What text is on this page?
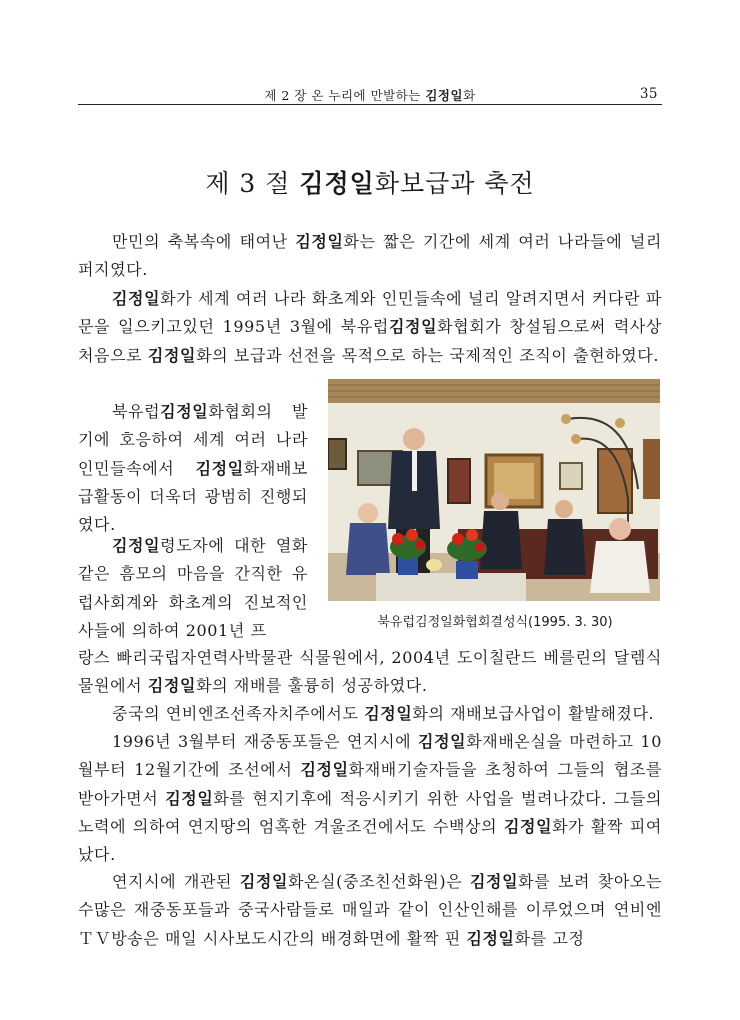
제 2 장 온 누리에 만발하는 김정일화	35
제 3 절 김정일화보급과 축전

만민의 축복속에 태여난 김정일화는 짧은 기간에 세계 여러 나라들에 널리 퍼지였다.

김정일화가 세계 여러 나라 화초계와 인민들속에 널리 알려지면서 커다란 파문을 일으키고있던 1995년 3월에 북유럽김정일화협회가 창설됨으로써 력사상 처음으로 김정일화의 보급과 선전을 목적으로 하는 국제적인 조직이 출현하였다.

북유럽김정일화협회의 발기에 호응하여 세계 여러 나라 인민들속에서 김정일화재배보급활동이 더욱더 광범히 진행되였다.

김정일령도자에 대한 열화같은 흠모의 마음을 간직한 유럽사회계와 화초계의 진보적인사들에 의하여 2001년 프

랑스 빠리국립자연력사박물관 식물원에서, 2004년 도이칠란드 베를린의 달렘식물원에서 김정일화의 재배를 훌륭히 성공하였다.

중국의 연비엔조선족자치주에서도 김정일화의 재배보급사업이 활발해졌다.

1996년 3월부터 재중동포들은 연지시에 김정일화재배온실을 마련하고 10월부터 12월기간에 조선에서 김정일화재배기술자들을 초청하여 그들의 협조를 받아가면서 김정일화를 현지기후에 적응시키기 위한 사업을 벌려나갔다. 그들의 노력에 의하여 연지땅의 엄혹한 겨울조건에서도 수백상의 김정일화가 활짝 피여났다.

연지시에 개관된 김정일화온실(중조친선화원)은 김정일화를 보려 찾아오는 수많은 재중동포들과 중국사람들로 매일과 같이 인산인해를 이루었으며 연비엔ＴＶ방송은 매일 시사보도시간의 배경화면에 활짝 핀 김정일화를 고정

북유럽김정일화협회결성식(1995. 3. 30)
